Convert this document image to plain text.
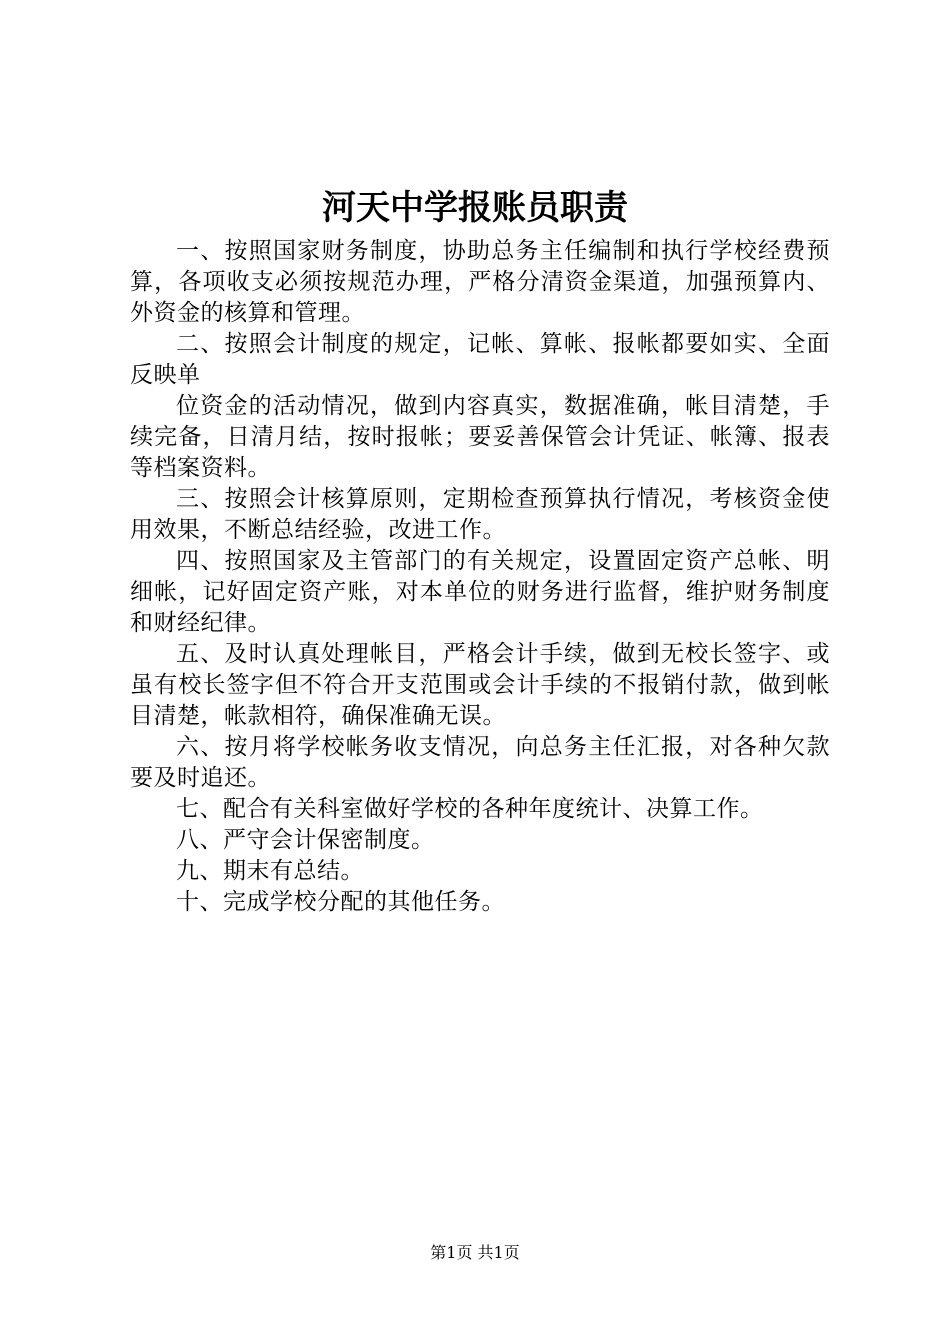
河天中学报账员职责

一、按照国家财务制度，协助总务主任编制和执行学校经费预算，各项收支必须按规范办理，严格分清资金渠道，加强预算内、外资金的核算和管理。

二、按照会计制度的规定，记帐、算帐、报帐都要如实、全面反映单

位资金的活动情况，做到内容真实，数据准确，帐目清楚，手续完备，日清月结，按时报帐；要妥善保管会计凭证、帐簿、报表等档案资料。

三、按照会计核算原则，定期检查预算执行情况，考核资金使用效果，不断总结经验，改进工作。

四、按照国家及主管部门的有关规定，设置固定资产总帐、明细帐，记好固定资产账，对本单位的财务进行监督，维护财务制度和财经纪律。

五、及时认真处理帐目，严格会计手续，做到无校长签字、或虽有校长签字但不符合开支范围或会计手续的不报销付款，做到帐目清楚，帐款相符，确保准确无误。

六、按月将学校帐务收支情况，向总务主任汇报，对各种欠款要及时追还。

七、配合有关科室做好学校的各种年度统计、决算工作。

八、严守会计保密制度。

九、期末有总结。

十、完成学校分配的其他任务。

第1页 共1页
